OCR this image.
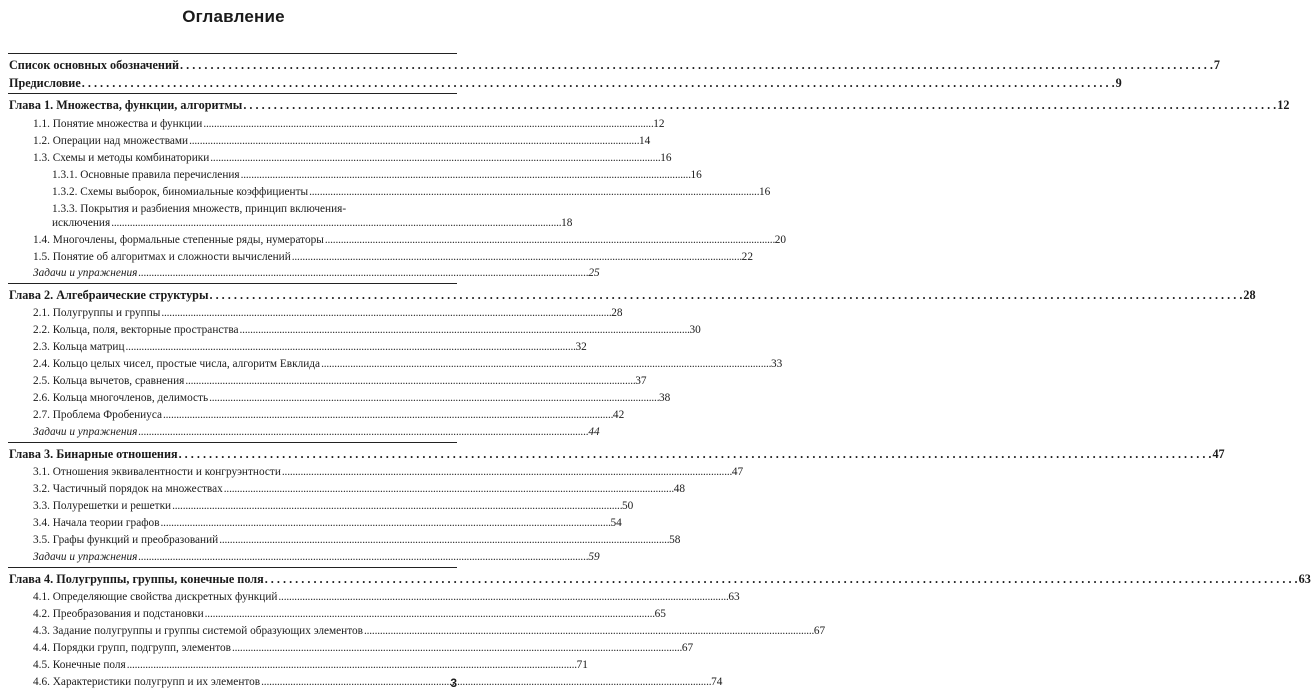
Оглавление
Список основных обозначений . . .	7
Предисловие . . .	9
Глава 1. Множества, функции, алгоритмы . . .	12
1.1. Понятие множества и функции . . .	12
1.2. Операции над множествами . . .	14
1.3. Схемы и методы комбинаторики . . .	16
1.3.1. Основные правила перечисления . . .	16
1.3.2. Схемы выборок, биномиальные коэффициенты . . .	16
1.3.3. Покрытия и разбиения множеств, принцип включения-
исключения . . .	18
1.4. Многочлены, формальные степенные ряды, нумераторы . . .	20
1.5. Понятие об алгоритмах и сложности вычислений . . .	22
Задачи и упражнения . . .	25
Глава 2. Алгебраические структуры . . .	28
2.1. Полугруппы и группы . . .	28
2.2. Кольца, поля, векторные пространства . . .	30
2.3. Кольца матриц . . .	32
2.4. Кольцо целых чисел, простые числа, алгоритм Евклида . . .	33
2.5. Кольца вычетов, сравнения . . .	37
2.6. Кольца многочленов, делимость . . .	38
2.7. Проблема Фробениуса . . .	42
Задачи и упражнения . . .	44
Глава 3. Бинарные отношения . . .	47
3.1. Отношения эквивалентности и конгруэнтности . . .	47
3.2. Частичный порядок на множествах . . .	48
3.3. Полурешетки и решетки . . .	50
3.4. Начала теории графов . . .	54
3.5. Графы функций и преобразований . . .	58
Задачи и упражнения . . .	59
Глава 4. Полугруппы, группы, конечные поля . . .	63
4.1. Определяющие свойства дискретных функций . . .	63
4.2. Преобразования и подстановки . . .	65
4.3. Задание полугруппы и группы системой образующих элементов . . .	67
4.4. Порядки групп, подгрупп, элементов . . .	67
4.5. Конечные поля . . .	71
4.6. Характеристики полугрупп и их элементов . . .	74
3
